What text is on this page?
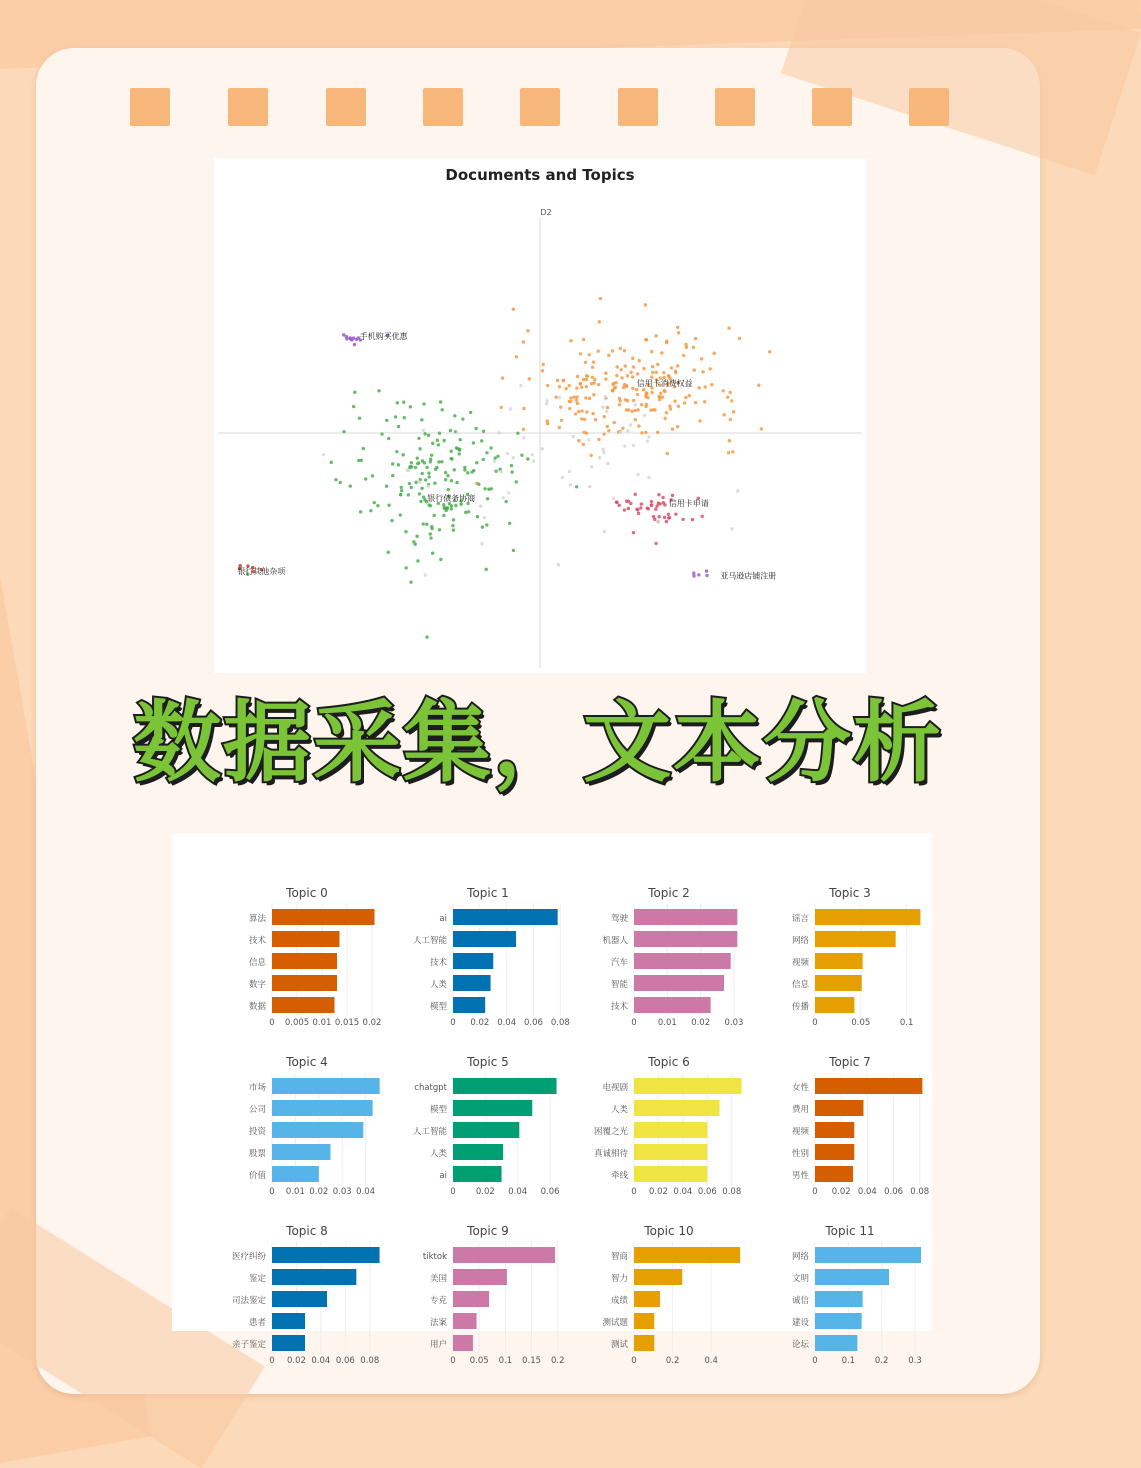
Documents and Topics
D2
手机购买优惠
信用卡消费权益
银行债务协商
信用卡申请
银行其他杂项
亚马逊店铺注册
数据采集，文本分析
Topic 0
0 0.005 0.01 0.015 0.02
算法
技术
信息
数字
数据
Topic 1
0 0.02 0.04 0.06 0.08
ai
人工智能
技术
人类
模型
Topic 2
0 0.01 0.02 0.03
驾驶
机器人
汽车
智能
技术
Topic 3
0	0.05	0.1
谣言
网络
视频
信息
传播
Topic 4
0 0.01 0.02 0.03 0.04
市场
公司
投资
股票
价值
Topic 5
0 0.02 0.04 0.06
chatgpt
模型
人工智能
人类
ai
Topic 6
0 0.02 0.04 0.06 0.08
电视剧
人类
困覆之光
真诚相待
牵线
Topic 7
0 0.02 0.04 0.06 0.08
女性
费用
视频
性别
男性
Topic 8
0 0.02 0.04 0.06 0.08
医疗纠纷
鉴定
司法鉴定
患者
亲子鉴定
Topic 9
0 0.05 0.1 0.15 0.2
tiktok
美国
专克
法案
用户
Topic 10
0	0.2	0.4
智商
智力
成绩
测试题
测试
Topic 11
0	0.1 0.2 0.3
网络
文明
诚信
建设
论坛
